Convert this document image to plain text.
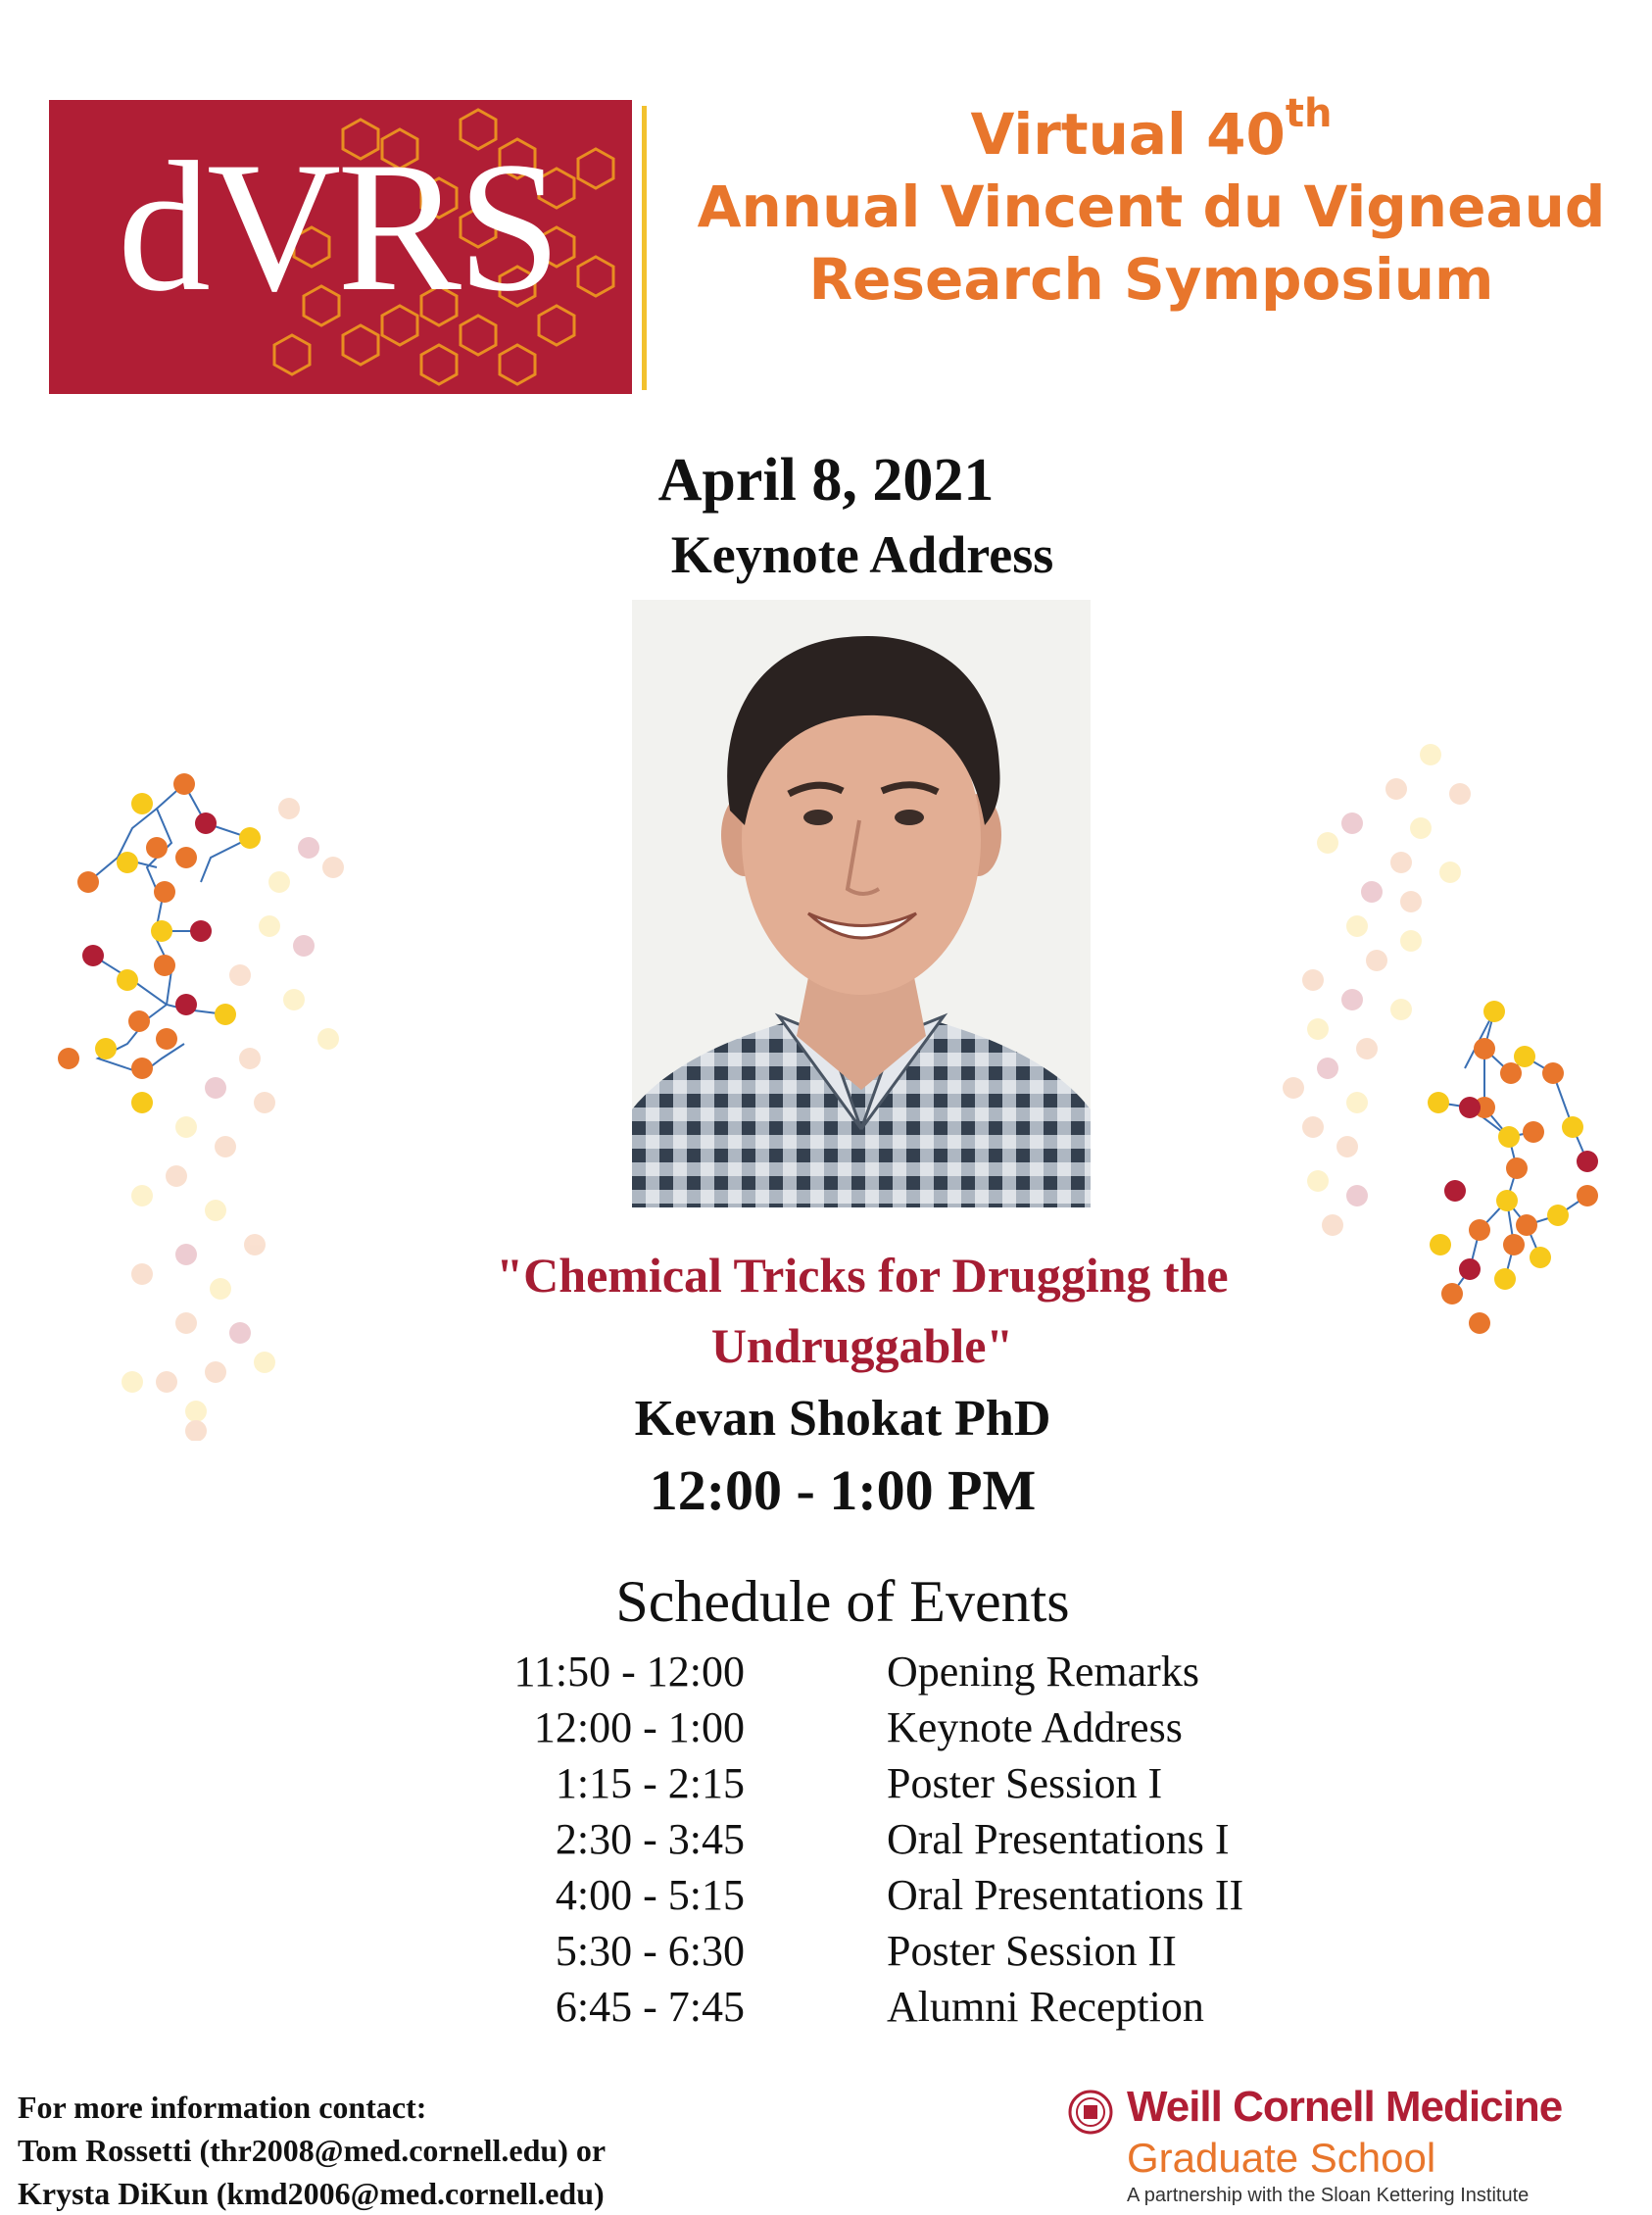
dVRS	Virtual 40th
Annual Vincent du Vigneaud
Research Symposium
April 8, 2021
Keynote Address
"Chemical Tricks for Drugging the
Undruggable"
Kevan Shokat PhD
12:00 - 1:00 PM
Schedule of Events
11:50 - 12:00	Opening Remarks
12:00 - 1:00	Keynote Address
1:15 - 2:15	Poster Session I
2:30 - 3:45	Oral Presentations I
4:00 - 5:15	Oral Presentations II
5:30 - 6:30	Poster Session II
6:45 - 7:45	Alumni Reception
For more information contact:
Tom Rossetti (thr2008@med.cornell.edu) or
Krysta DiKun (kmd2006@med.cornell.edu)
Weill Cornell Medicine
Graduate School
A partnership with the Sloan Kettering Institute
